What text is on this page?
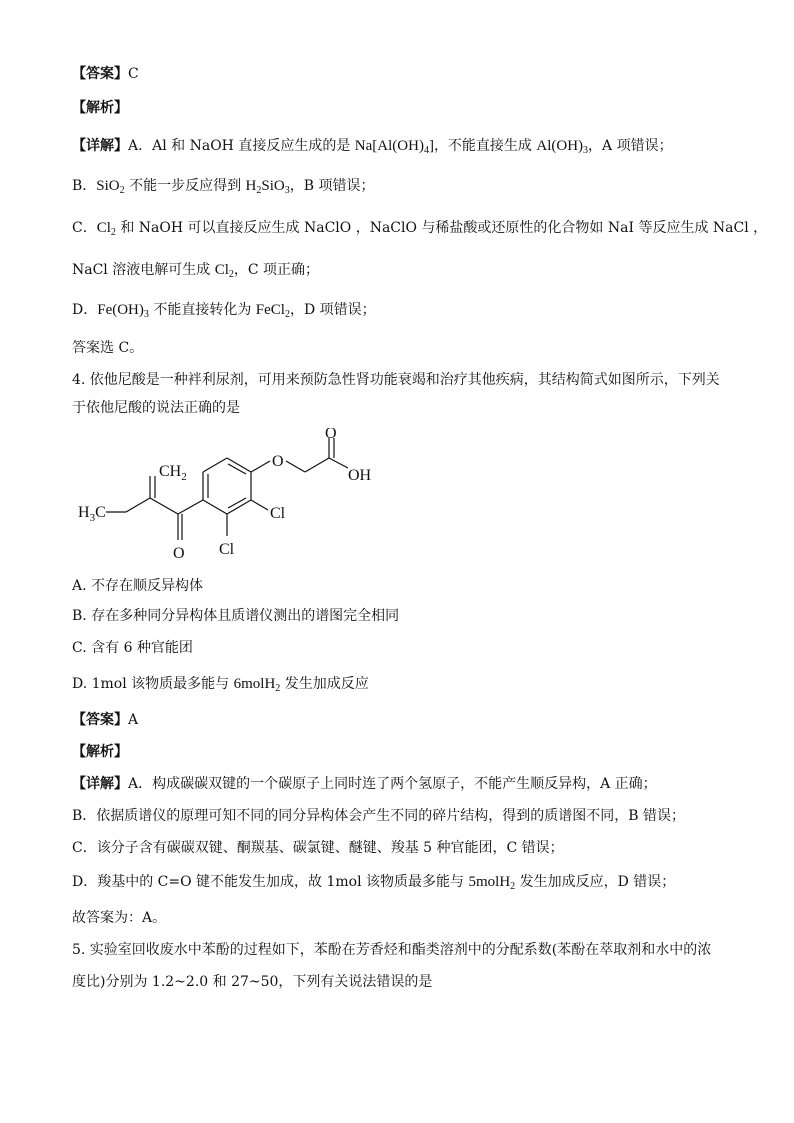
【答案】C
【解析】
【详解】A．Al 和 NaOH 直接反应生成的是 $Na[Al(OH)_4]$，不能直接生成 $Al(OH)_3$，A 项错误；
B．SiO$_2$ 不能一步反应得到 $H_2SiO_3$，B 项错误；
C．$Cl_2$ 和 NaOH 可以直接反应生成 NaClO ，NaClO 与稀盐酸或还原性的化合物如 NaI 等反应生成 NaCl ，
NaCl 溶液电解可生成 $Cl_2$，C 项正确；
D．$Fe(OH)_3$ 不能直接转化为 FeCl$_2$，D 项错误；
答案选 C。
4. 依他尼酸是一种袢利尿剂，可用来预防急性肾功能衰竭和治疗其他疾病，其结构简式如图所示，下列关
于依他尼酸的说法正确的是
O
OH
O
$CH_2$
$H_3C$	Cl
Cl
O
A. 不存在顺反异构体
B. 存在多种同分异构体且质谱仪测出的谱图完全相同
C. 含有 6 种官能团
D. 1mol 该物质最多能与 6molH$_2$ 发生加成反应
【答案】A
【解析】
【详解】A．构成碳碳双键的一个碳原子上同时连了两个氢原子，不能产生顺反异构，A 正确；
B．依据质谱仪的原理可知不同的同分异构体会产生不同的碎片结构，得到的质谱图不同，B 错误；
C．该分子含有碳碳双键、酮羰基、碳氯键、醚键、羧基 5 种官能团，C 错误；
D．羧基中的 C=O 键不能发生加成，故 1mol 该物质最多能与 5molH$_2$ 发生加成反应，D 错误；
故答案为：A。
5. 实验室回收废水中苯酚的过程如下，苯酚在芳香烃和酯类溶剂中的分配系数(苯酚在萃取剂和水中的浓
度比)分别为 1.2~2.0 和 27~50，下列有关说法错误的是
